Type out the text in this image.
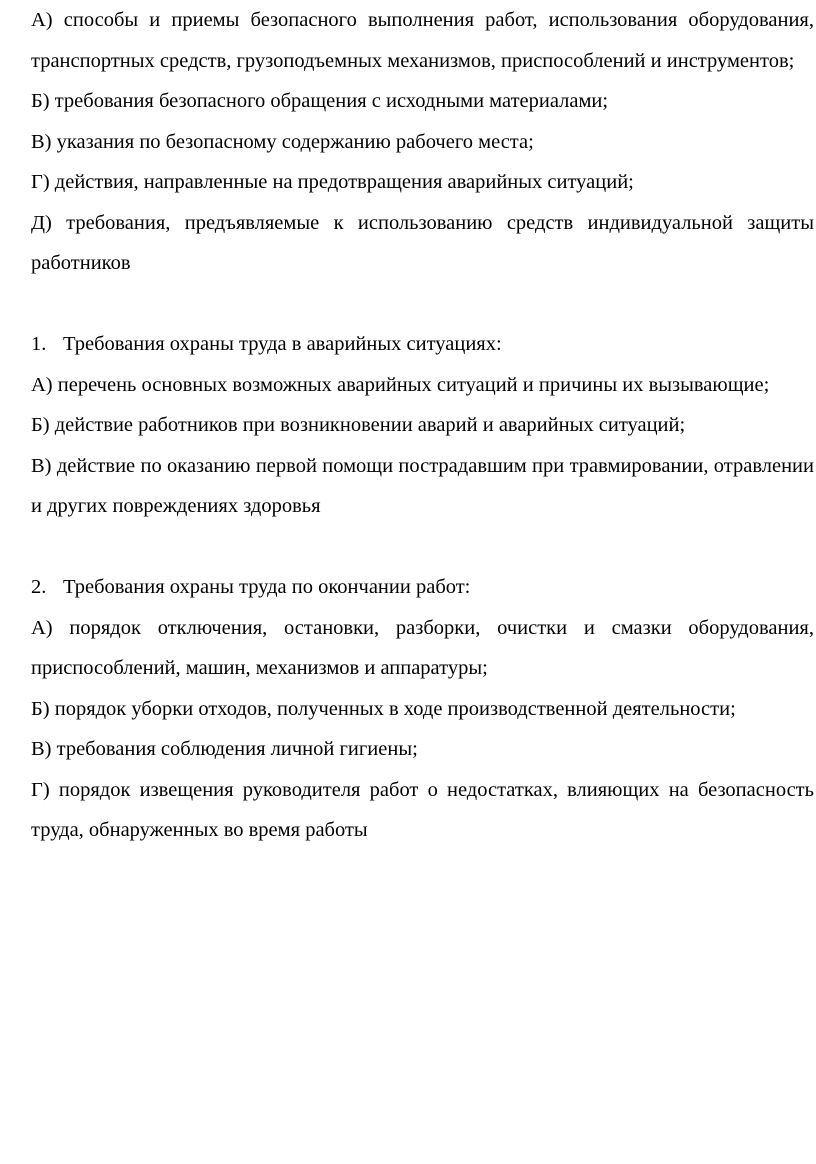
А) способы и приемы безопасного выполнения работ, использования оборудования, транспортных средств, грузоподъемных механизмов, приспособлений и инструментов;

Б) требования безопасного обращения с исходными материалами;

В) указания по безопасному содержанию рабочего места;

Г) действия, направленные на предотвращения аварийных ситуаций;

Д) требования, предъявляемые к использованию средств индивидуальной защиты работников

1. Требования охраны труда в аварийных ситуациях:

А) перечень основных возможных аварийных ситуаций и причины их вызывающие;

Б) действие работников при возникновении аварий и аварийных ситуаций;

В) действие по оказанию первой помощи пострадавшим при травмировании, отравлении и других повреждениях здоровья

2. Требования охраны труда по окончании работ:

А) порядок отключения, остановки, разборки, очистки и смазки оборудования, приспособлений, машин, механизмов и аппаратуры;

Б) порядок уборки отходов, полученных в ходе производственной деятельности;

В) требования соблюдения личной гигиены;

Г) порядок извещения руководителя работ о недостатках, влияющих на безопасность труда, обнаруженных во время работы
